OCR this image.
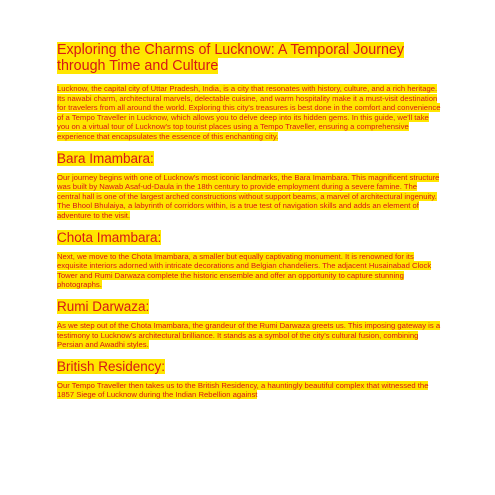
Exploring the Charms of Lucknow: A Temporal Journey through Time and Culture

Lucknow, the capital city of Uttar Pradesh, India, is a city that resonates with history, culture, and a rich heritage. Its nawabi charm, architectural marvels, delectable cuisine, and warm hospitality make it a must-visit destination for travelers from all around the world. Exploring this city's treasures is best done in the comfort and convenience of a Tempo Traveller in Lucknow, which allows you to delve deep into its hidden gems. In this guide, we'll take you on a virtual tour of Lucknow's top tourist places using a Tempo Traveller, ensuring a comprehensive experience that encapsulates the essence of this enchanting city.

Bara Imambara:

Our journey begins with one of Lucknow's most iconic landmarks, the Bara Imambara. This magnificent structure was built by Nawab Asaf-ud-Daula in the 18th century to provide employment during a severe famine. The central hall is one of the largest arched constructions without support beams, a marvel of architectural ingenuity. The Bhool Bhulaiya, a labyrinth of corridors within, is a true test of navigation skills and adds an element of adventure to the visit.

Chota Imambara:

Next, we move to the Chota Imambara, a smaller but equally captivating monument. It is renowned for its exquisite interiors adorned with intricate decorations and Belgian chandeliers. The adjacent Husainabad Clock Tower and Rumi Darwaza complete the historic ensemble and offer an opportunity to capture stunning photographs.

Rumi Darwaza:

As we step out of the Chota Imambara, the grandeur of the Rumi Darwaza greets us. This imposing gateway is a testimony to Lucknow's architectural brilliance. It stands as a symbol of the city's cultural fusion, combining Persian and Awadhi styles.

British Residency:

Our Tempo Traveller then takes us to the British Residency, a hauntingly beautiful complex that witnessed the 1857 Siege of Lucknow during the Indian Rebellion against
